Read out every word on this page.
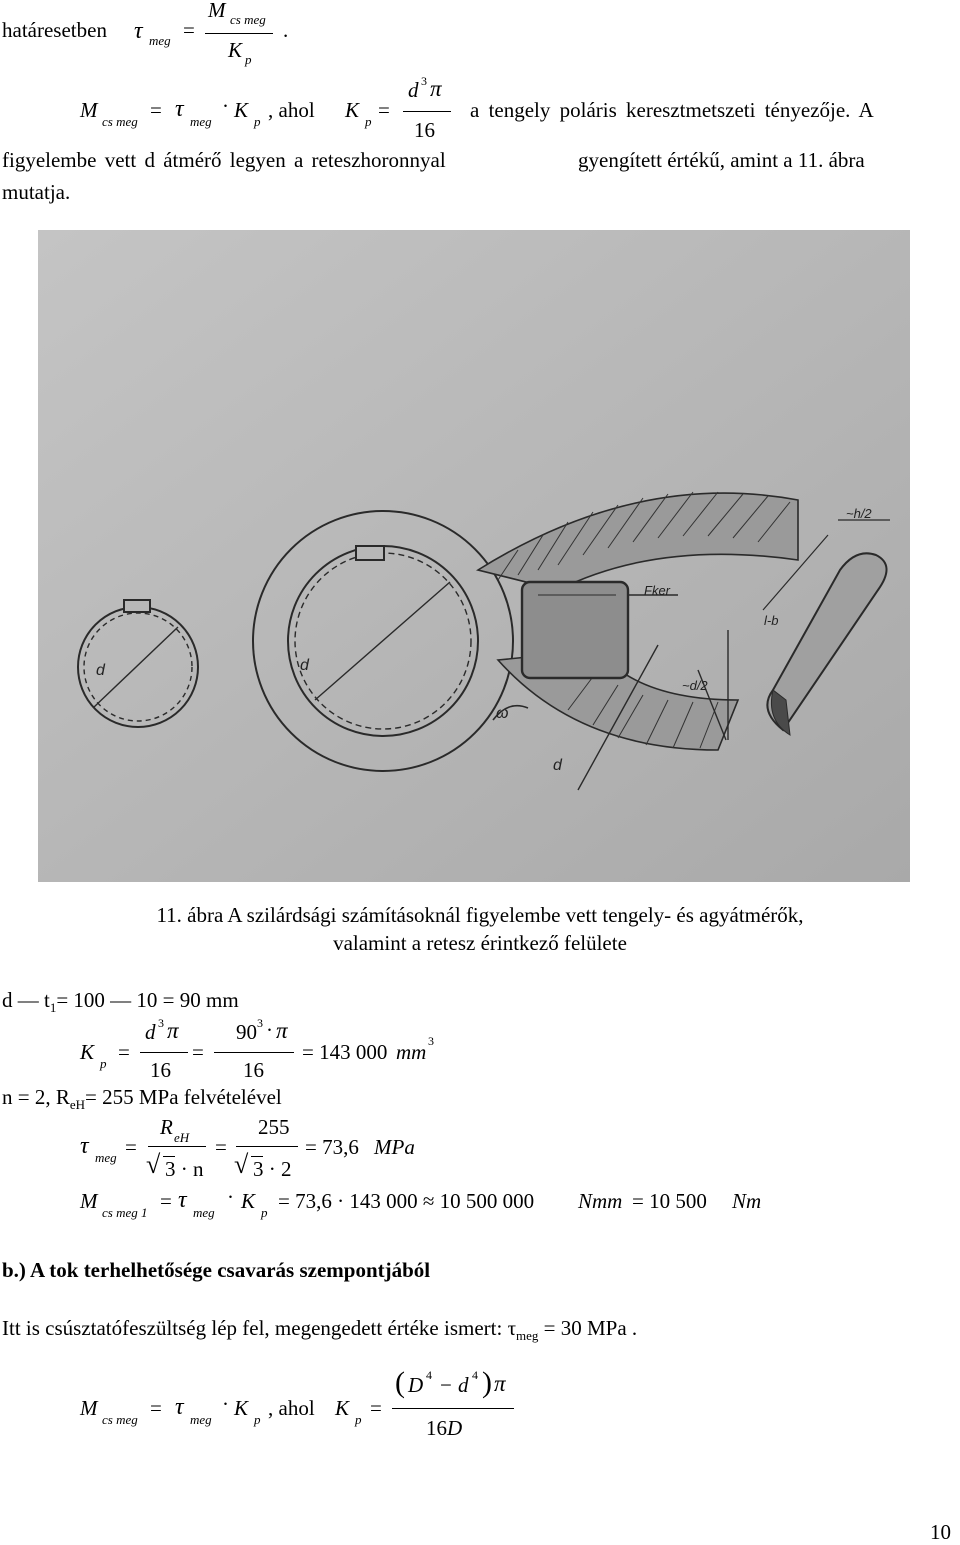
határesetben τ meg =
M cs meg
K p
.
M cs meg = τ meg
· K p , ahol K p =
d 3 π
16
a tengely poláris keresztmetszeti tényezője. A
figyelembe vett d átmérő legyen a reteszhoronnyal	gyengített értékű, amint a 11. ábra
mutatja.
d	d
d
Fker
ω
~h/2
~d/2
l-b
11. ábra A szilárdsági számításoknál figyelembe vett tengely- és agyátmérők,
valamint a retesz érintkező felülete
d — $t_1= 100$ — 10 = 90 mm
K p =
d 3 π
16
=
90 3 · π
16
= 143 000 mm 3
n = 2, $R_{eH}= 255$ MPa felvételével
τ meg =
R eH
√ 3 · n
=
255
√ 3 · 2
= 73,6 MPa
M cs meg 1 = τ meg
· K p = 73,6 · 143 000 ≈ 10 500 000 Nmm = 10 500 Nm
b.) A tok terhelhetősége csavarás szempontjából
Itt is csúsztatófeszültség lép fel, megengedett értéke ismert: $\tau_{meg} = 30$ MPa .
M cs meg = τ meg
· K p , ahol K p =
( D 4 − d 4 ) π
16D
10
